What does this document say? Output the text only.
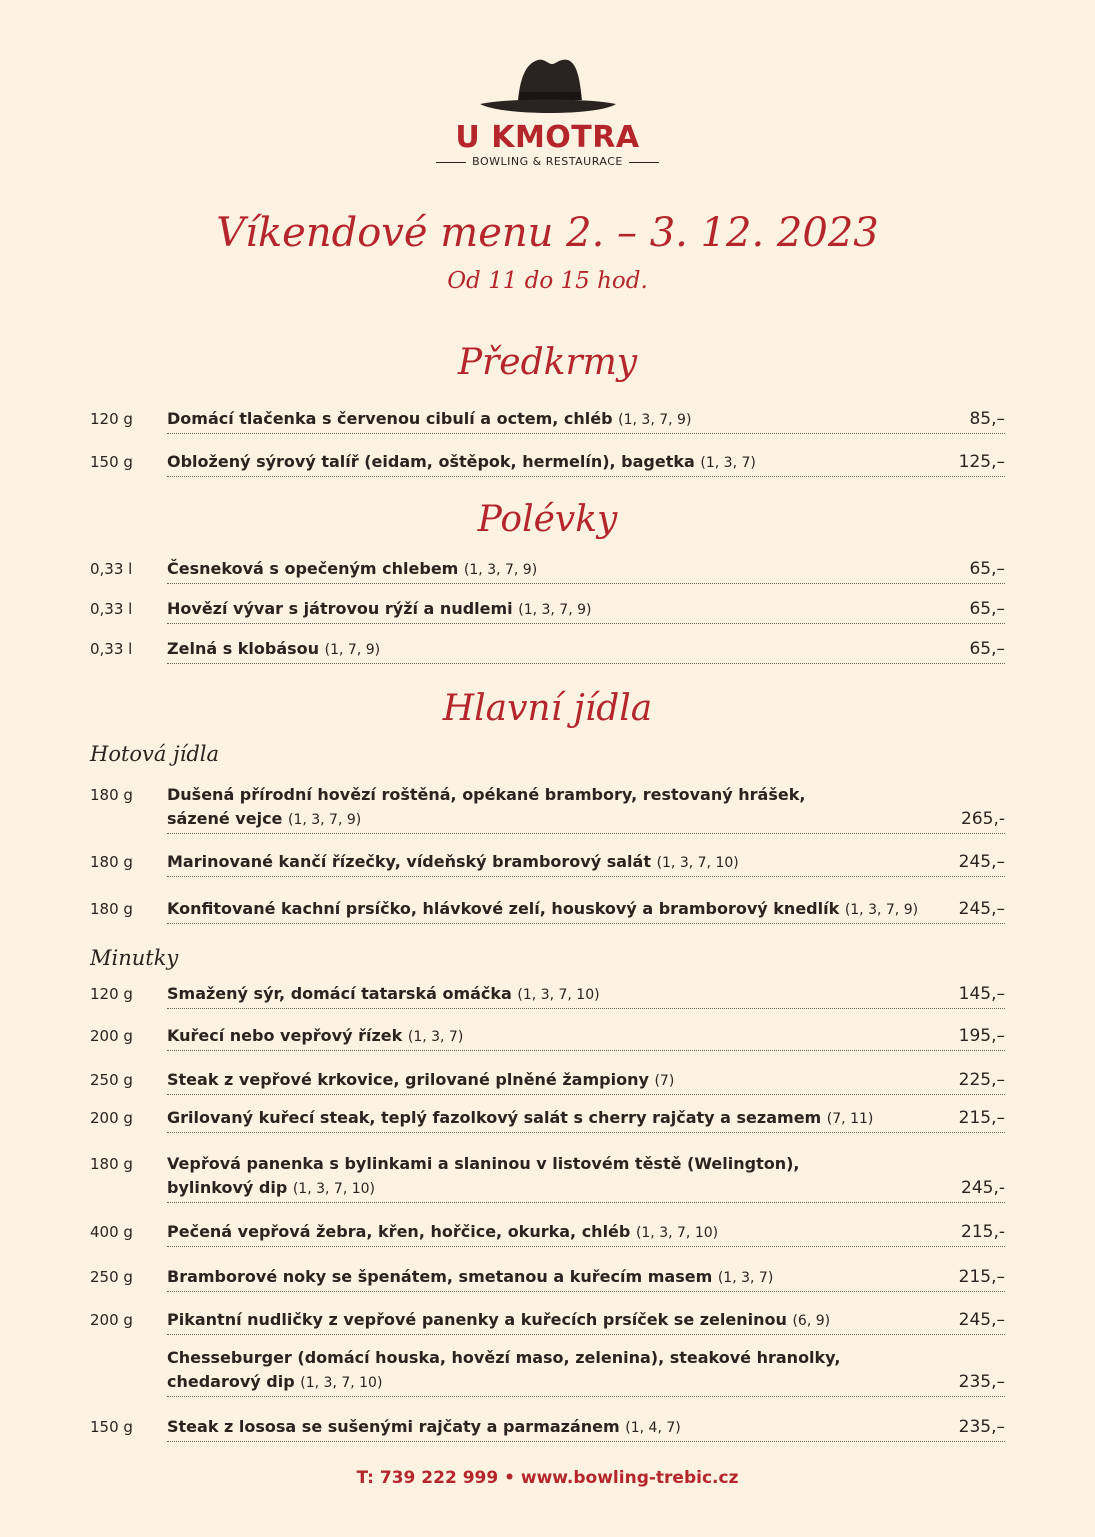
U KMOTRA
BOWLING & RESTAURACE
Víkendové menu 2. – 3. 12. 2023
Od 11 do 15 hod.
Předkrmy
120 g Domácí tlačenka s červenou cibulí a octem, chléb (1, 3, 7, 9)	85,–
150 g Obložený sýrový talíř (eidam, oštěpok, hermelín), bagetka (1, 3, 7)	125,–
Polévky
0,33 l Česneková s opečeným chlebem (1, 3, 7, 9)	65,–
0,33 l Hovězí vývar s játrovou rýží a nudlemi (1, 3, 7, 9)	65,–
0,33 l Zelná s klobásou (1, 7, 9)	65,–
Hlavní jídla
Hotová jídla
180 g Dušená přírodní hovězí roštěná, opékané brambory, restovaný hrášek,
sázené vejce (1, 3, 7, 9)	265,-
180 g Marinované kančí řízečky, vídeňský bramborový salát (1, 3, 7, 10)	245,–
180 g Konfitované kachní prsíčko, hlávkové zelí, houskový a bramborový knedlík (1, 3, 7, 9) 245,–
Minutky
120 g Smažený sýr, domácí tatarská omáčka (1, 3, 7, 10)	145,–
200 g Kuřecí nebo vepřový řízek (1, 3, 7)	195,–
250 g Steak z vepřové krkovice, grilované plněné žampiony (7)	225,–
200 g Grilovaný kuřecí steak, teplý fazolkový salát s cherry rajčaty a sezamem (7, 11)	215,–
180 g Vepřová panenka s bylinkami a slaninou v listovém těstě (Welington),
bylinkový dip (1, 3, 7, 10)	245,-
400 g Pečená vepřová žebra, křen, hořčice, okurka, chléb (1, 3, 7, 10)	215,-
250 g Bramborové noky se špenátem, smetanou a kuřecím masem (1, 3, 7)	215,–
200 g Pikantní nudličky z vepřové panenky a kuřecích prsíček se zeleninou (6, 9)	245,–
Chesseburger (domácí houska, hovězí maso, zelenina), steakové hranolky,
chedarový dip (1, 3, 7, 10)	235,–
150 g Steak z lososa se sušenými rajčaty a parmazánem (1, 4, 7)	235,–
T: 739 222 999 • www.bowling-trebic.cz
